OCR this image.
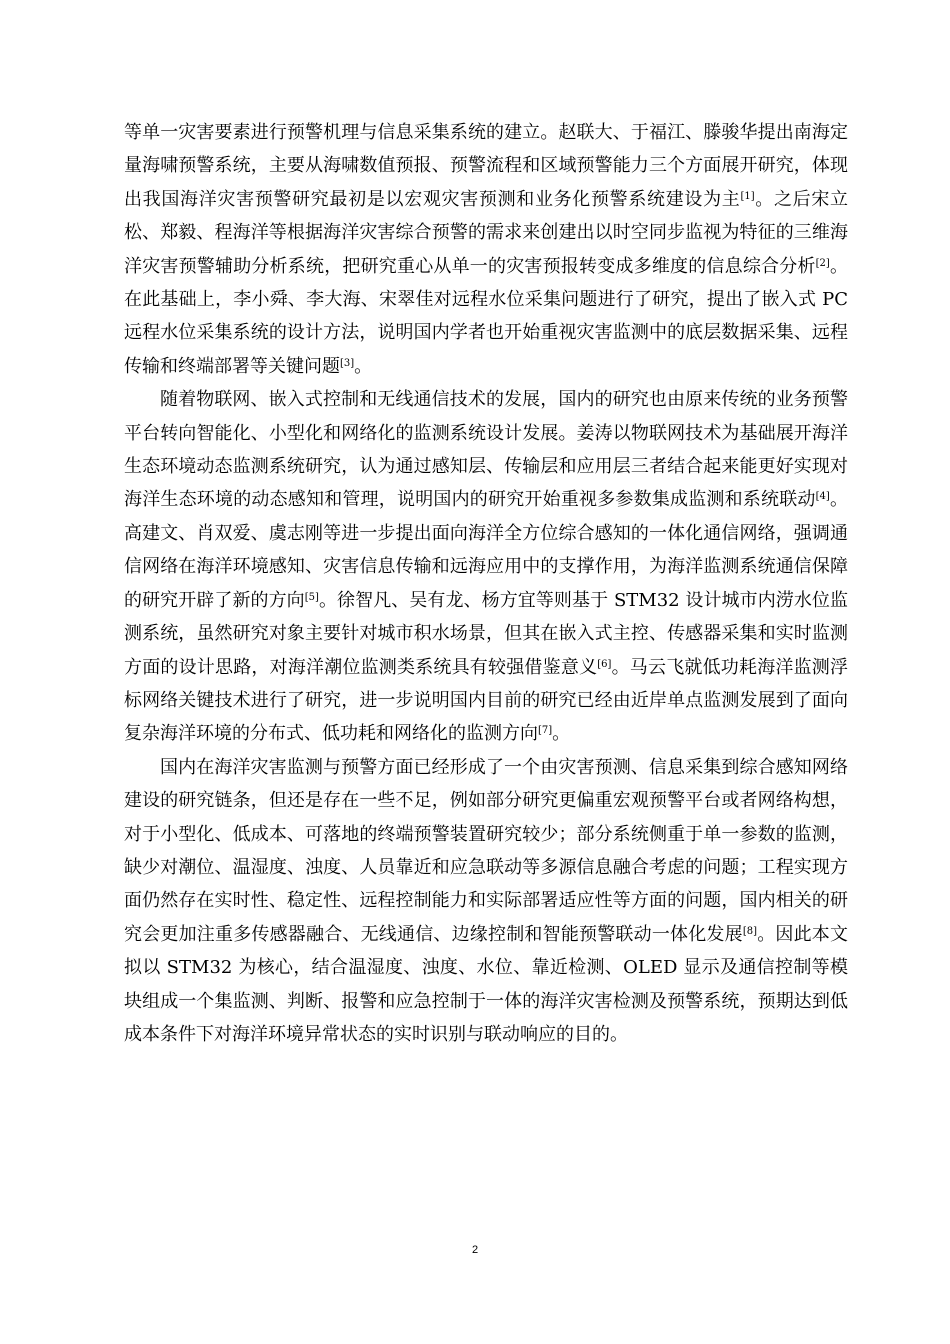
等单一灾害要素进行预警机理与信息采集系统的建立。赵联大、于福江、滕骏华提出南海定量海啸预警系统，主要从海啸数值预报、预警流程和区域预警能力三个方面展开研究，体现出我国海洋灾害预警研究最初是以宏观灾害预测和业务化预警系统建设为主[1]。之后宋立松、郑毅、程海洋等根据海洋灾害综合预警的需求来创建出以时空同步监视为特征的三维海洋灾害预警辅助分析系统，把研究重心从单一的灾害预报转变成多维度的信息综合分析[2]。在此基础上，李小舜、李大海、宋翠佳对远程水位采集问题进行了研究，提出了嵌入式 PC 远程水位采集系统的设计方法，说明国内学者也开始重视灾害监测中的底层数据采集、远程传输和终端部署等关键问题[3]。

随着物联网、嵌入式控制和无线通信技术的发展，国内的研究也由原来传统的业务预警平台转向智能化、小型化和网络化的监测系统设计发展。姜涛以物联网技术为基础展开海洋生态环境动态监测系统研究，认为通过感知层、传输层和应用层三者结合起来能更好实现对海洋生态环境的动态感知和管理，说明国内的研究开始重视多参数集成监测和系统联动[4]。高建文、肖双爱、虞志刚等进一步提出面向海洋全方位综合感知的一体化通信网络，强调通信网络在海洋环境感知、灾害信息传输和远海应用中的支撑作用，为海洋监测系统通信保障的研究开辟了新的方向[5]。徐智凡、吴有龙、杨方宜等则基于 STM32 设计城市内涝水位监测系统，虽然研究对象主要针对城市积水场景，但其在嵌入式主控、传感器采集和实时监测方面的设计思路，对海洋潮位监测类系统具有较强借鉴意义[6]。马云飞就低功耗海洋监测浮标网络关键技术进行了研究，进一步说明国内目前的研究已经由近岸单点监测发展到了面向复杂海洋环境的分布式、低功耗和网络化的监测方向[7]。

国内在海洋灾害监测与预警方面已经形成了一个由灾害预测、信息采集到综合感知网络建设的研究链条，但还是存在一些不足，例如部分研究更偏重宏观预警平台或者网络构想，对于小型化、低成本、可落地的终端预警装置研究较少；部分系统侧重于单一参数的监测，缺少对潮位、温湿度、浊度、人员靠近和应急联动等多源信息融合考虑的问题；工程实现方面仍然存在实时性、稳定性、远程控制能力和实际部署适应性等方面的问题，国内相关的研究会更加注重多传感器融合、无线通信、边缘控制和智能预警联动一体化发展[8]。因此本文拟以 STM32 为核心，结合温湿度、浊度、水位、靠近检测、OLED 显示及通信控制等模块组成一个集监测、判断、报警和应急控制于一体的海洋灾害检测及预警系统，预期达到低成本条件下对海洋环境异常状态的实时识别与联动响应的目的。

2
